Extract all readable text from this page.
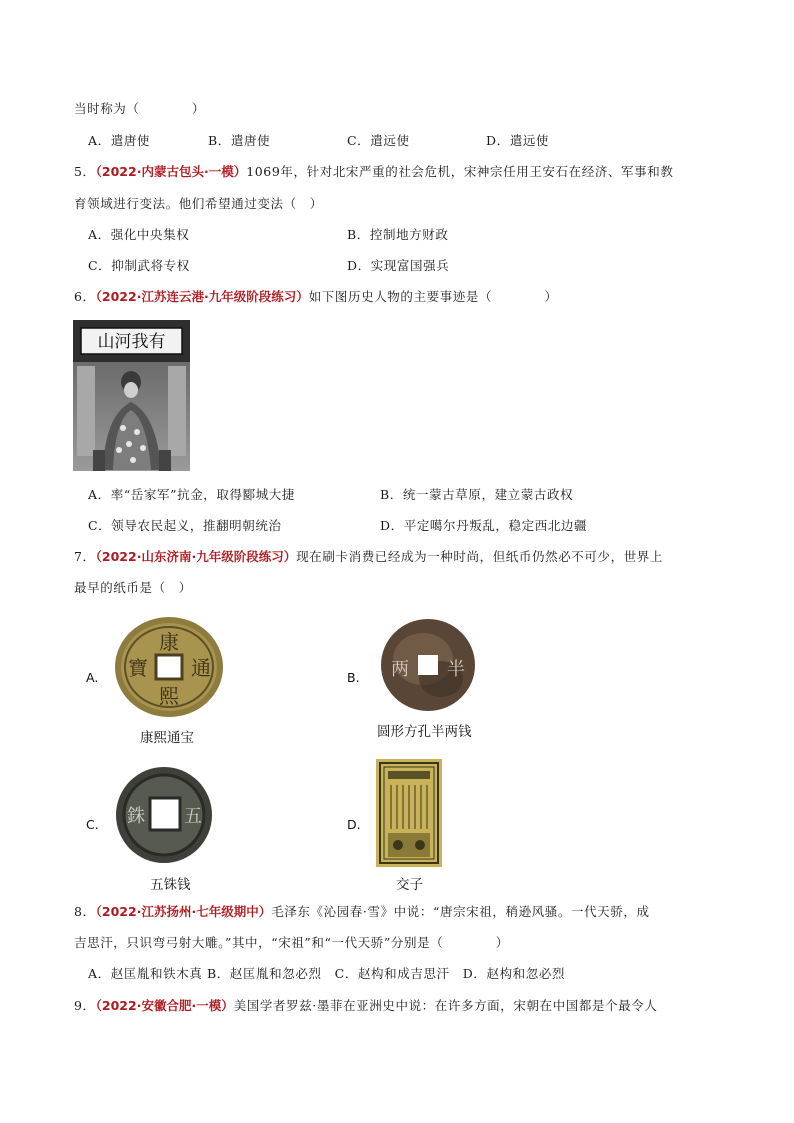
当时称为（　　　　）
A．遣唐使	B．遣唐使	C．遣远使	D．遣远使
5．（2022·内蒙古包头·一模）1069年，针对北宋严重的社会危机，宋神宗任用王安石在经济、军事和教
育领域进行变法。他们希望通过变法（　）
A．强化中央集权	B．控制地方财政
C．抑制武将专权	D．实现富国强兵
6．（2022·江苏连云港·九年级阶段练习）如下图历史人物的主要事迹是（　　　　）
山河我有
A．率“岳家军”抗金，取得郾城大捷	B．统一蒙古草原，建立蒙古政权
C．领导农民起义，推翻明朝统治	D．平定噶尔丹叛乱，稳定西北边疆
7．（2022·山东济南·九年级阶段练习）现在刷卡消费已经成为一种时尚，但纸币仍然必不可少，世界上
最早的纸币是（　）
A.
康
熙
通
寶
康熙通宝
B. 两 半
圆形方孔半两钱
C. 銖 五
五铢钱
D.
交子
8．（2022·江苏扬州·七年级期中）毛泽东《沁园春·雪》中说：“唐宗宋祖，稍逊风骚。一代天骄，成
吉思汗，只识弯弓射大雕。”其中，“宋祖”和“一代天骄”分别是（　　　　）
A．赵匡胤和铁木真 B．赵匡胤和忽必烈　C．赵构和成吉思汗　D．赵构和忽必烈
9．（2022·安徽合肥·一模）美国学者罗兹·墨菲在亚洲史中说：在许多方面，宋朝在中国都是个最令人
